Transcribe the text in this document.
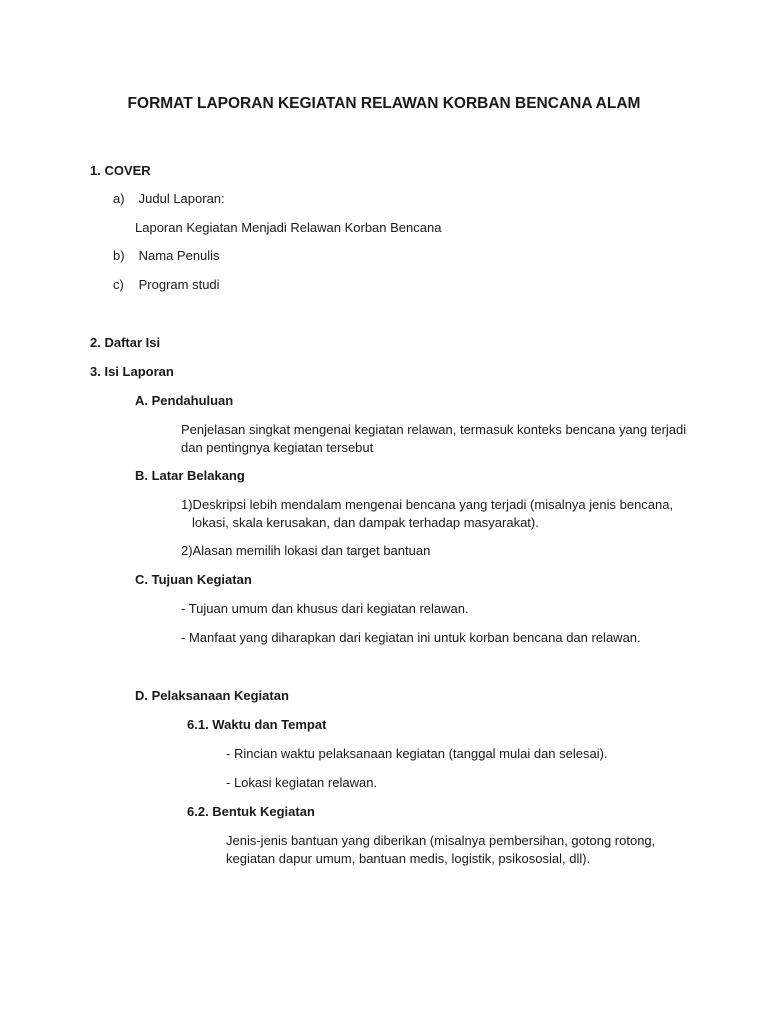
FORMAT LAPORAN KEGIATAN RELAWAN KORBAN BENCANA ALAM
1. COVER
a) Judul Laporan:
Laporan Kegiatan Menjadi Relawan Korban Bencana
b) Nama Penulis
c) Program studi
2. Daftar Isi
3. Isi Laporan
A. Pendahuluan
Penjelasan singkat mengenai kegiatan relawan, termasuk konteks bencana yang terjadi
dan pentingnya kegiatan tersebut
B. Latar Belakang
1)Deskripsi lebih mendalam mengenai bencana yang terjadi (misalnya jenis bencana,
lokasi, skala kerusakan, dan dampak terhadap masyarakat).
2)Alasan memilih lokasi dan target bantuan
C. Tujuan Kegiatan
- Tujuan umum dan khusus dari kegiatan relawan.
- Manfaat yang diharapkan dari kegiatan ini untuk korban bencana dan relawan.
D. Pelaksanaan Kegiatan
6.1. Waktu dan Tempat
- Rincian waktu pelaksanaan kegiatan (tanggal mulai dan selesai).
- Lokasi kegiatan relawan.
6.2. Bentuk Kegiatan
Jenis-jenis bantuan yang diberikan (misalnya pembersihan, gotong rotong,
kegiatan dapur umum, bantuan medis, logistik, psikososial, dll).
